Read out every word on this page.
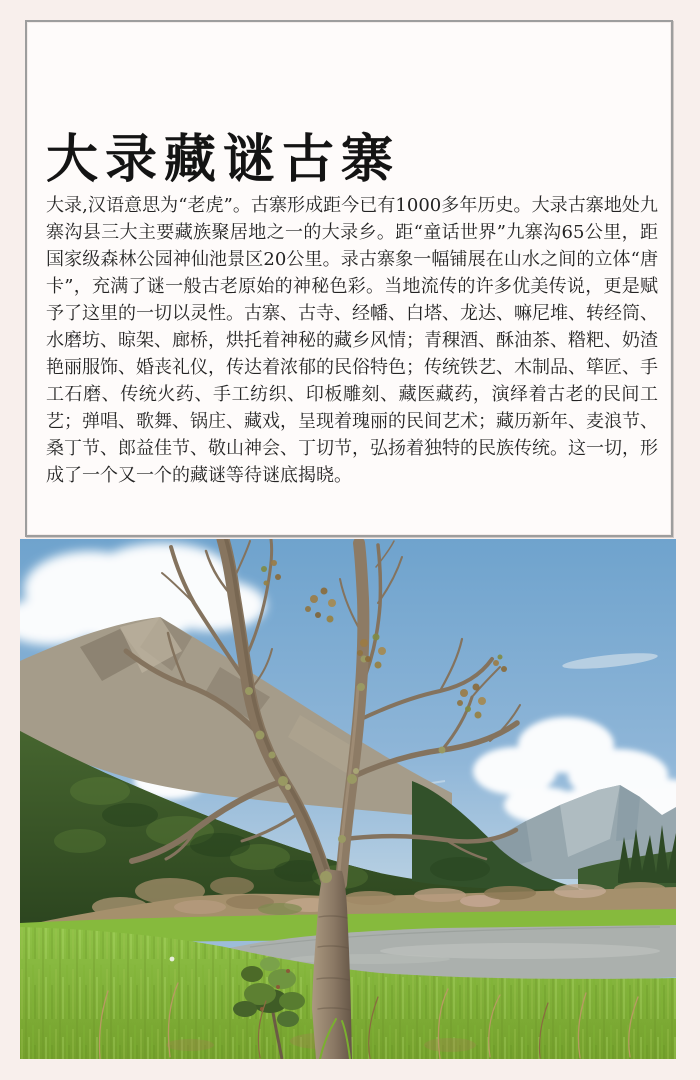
大录藏谜古寨

大录,汉语意思为“老虎”。古寨形成距今已有1000多年历史。大录古寨地处九寨沟县三大主要藏族聚居地之一的大录乡。距“童话世界”九寨沟65公里，距国家级森林公园神仙池景区20公里。录古寨象一幅铺展在山水之间的立体“唐卡”，充满了谜一般古老原始的神秘色彩。当地流传的许多优美传说，更是赋予了这里的一切以灵性。古寨、古寺、经幡、白塔、龙达、嘛尼堆、转经筒、水磨坊、晾架、廊桥，烘托着神秘的藏乡风情；青稞酒、酥油茶、糌粑、奶渣艳丽服饰、婚丧礼仪，传达着浓郁的民俗特色；传统铁艺、木制品、筚匠、手工石磨、传统火药、手工纺织、印板雕刻、藏医藏药，演绎着古老的民间工艺；弹唱、歌舞、锅庄、藏戏，呈现着瑰丽的民间艺术；藏历新年、麦浪节、桑丁节、郎益佳节、敬山神会、丁切节，弘扬着独特的民族传统。这一切，形成了一个又一个的藏谜等待谜底揭晓。
